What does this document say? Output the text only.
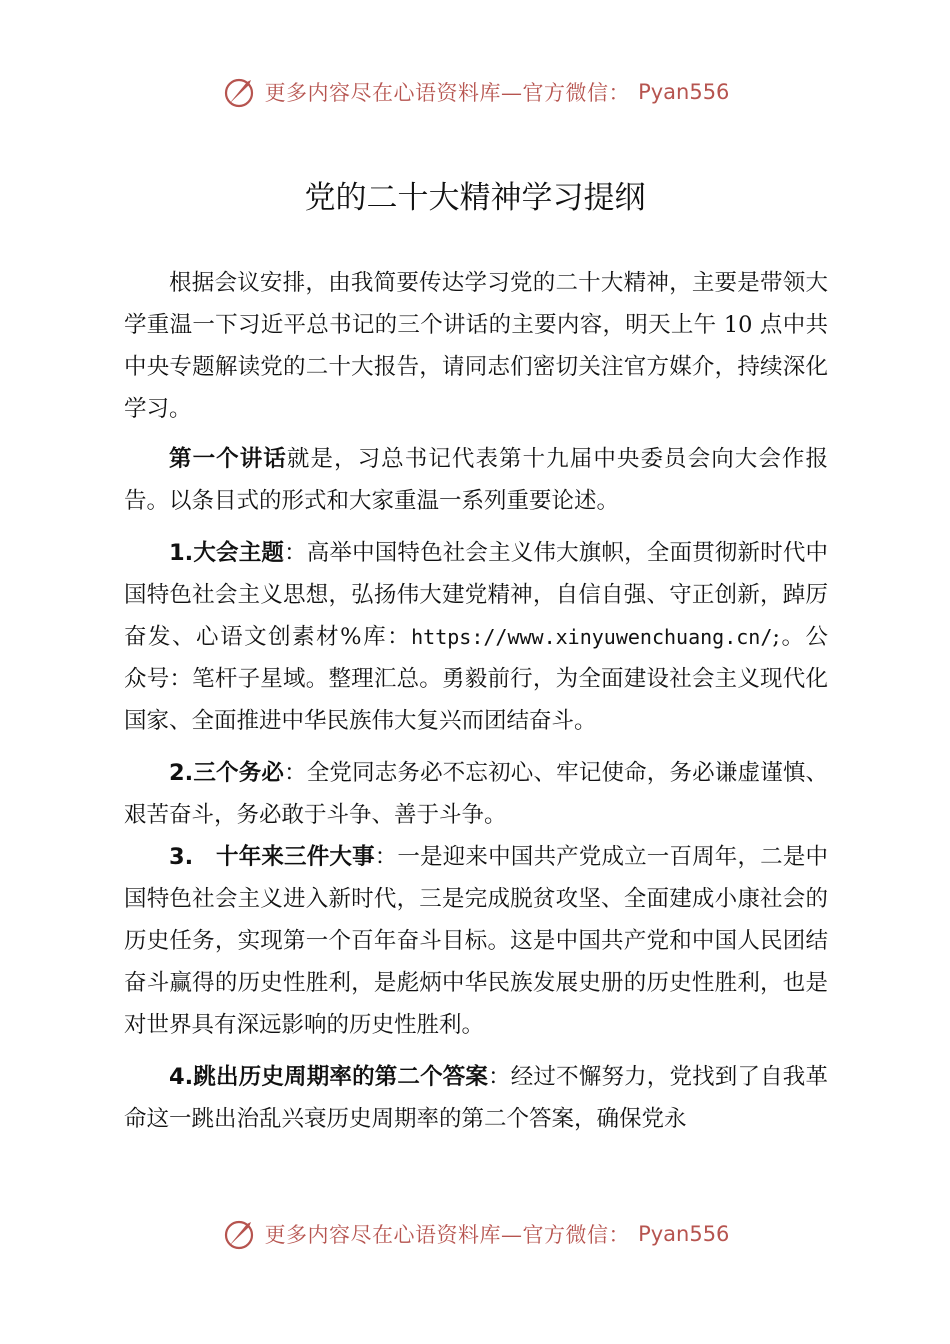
更多内容尽在心语资料库—官方微信： Pyan556
党的二十大精神学习提纲

根据会议安排，由我简要传达学习党的二十大精神，主要是带领大学重温一下习近平总书记的三个讲话的主要内容，明天上午 10 点中共中央专题解读党的二十大报告，请同志们密切关注官方媒介，持续深化学习。

第一个讲话就是，习总书记代表第十九届中央委员会向大会作报告。以条目式的形式和大家重温一系列重要论述。

1.大会主题：高举中国特色社会主义伟大旗帜，全面贯彻新时代中国特色社会主义思想，弘扬伟大建党精神，自信自强、守正创新，踔厉奋发、心语文创素材%库：https://www.xinyuwenchuang.cn/;。公众号：笔杆子星域。整理汇总。勇毅前行，为全面建设社会主义现代化国家、全面推进中华民族伟大复兴而团结奋斗。

2.三个务必：全党同志务必不忘初心、牢记使命，务必谦虚谨慎、艰苦奋斗，务必敢于斗争、善于斗争。

3.　十年来三件大事：一是迎来中国共产党成立一百周年，二是中国特色社会主义进入新时代，三是完成脱贫攻坚、全面建成小康社会的历史任务，实现第一个百年奋斗目标。这是中国共产党和中国人民团结奋斗赢得的历史性胜利，是彪炳中华民族发展史册的历史性胜利，也是对世界具有深远影响的历史性胜利。

4.跳出历史周期率的第二个答案：经过不懈努力，党找到了自我革命这一跳出治乱兴衰历史周期率的第二个答案，确保党永

更多内容尽在心语资料库—官方微信： Pyan556
